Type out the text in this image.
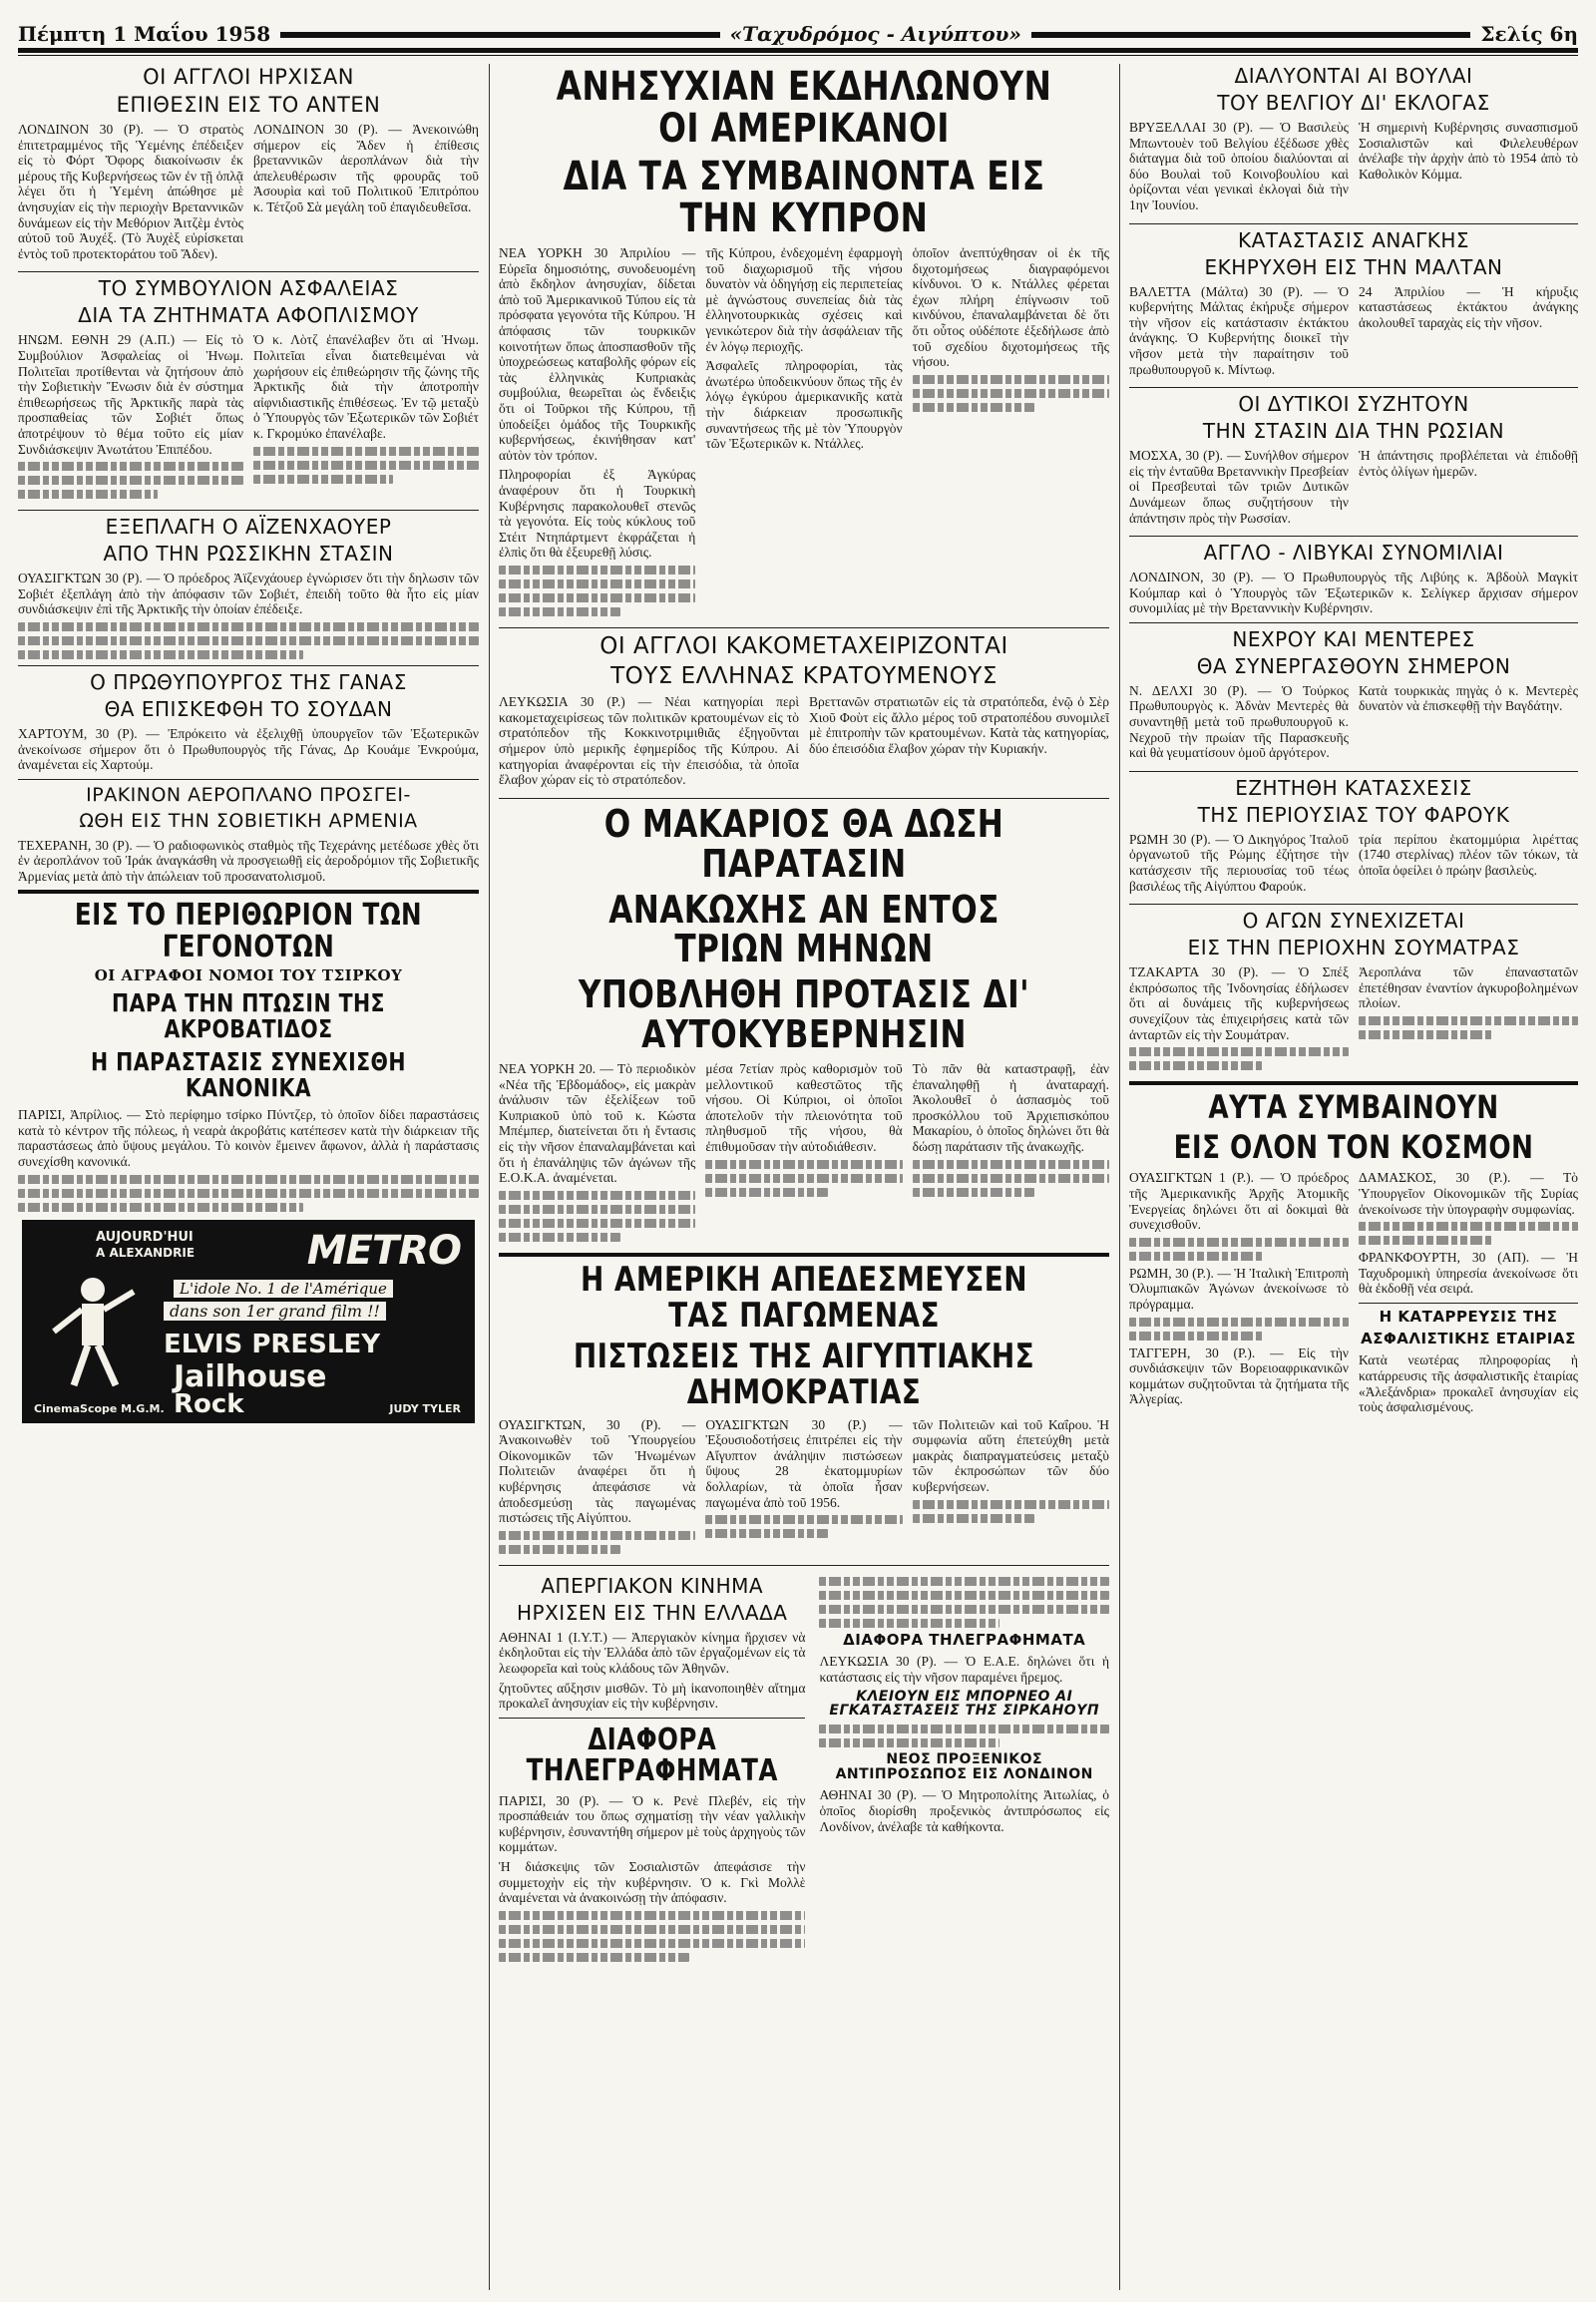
Πέμπτη 1 Μαΐου 1958	«Ταχυδρόμος - Αιγύπτου»	Σελίς 6η
ΟΙ ΑΓΓΛΟΙ ΗΡΧΙΣΑΝ
ΕΠΙΘΕΣΙΝ ΕΙΣ ΤΟ ΑΝΤΕΝ

ΛΟΝΔΙΝΟΝ 30 (Ρ). — Ὁ στρατὸς ἐπιτετραμμένος τῆς Ὑεμένης ἐπέδειξεν εἰς τὸ Φόρτ Ὄφορς διακοίνωσιν ἐκ μέρους τῆς Κυβερνήσεως τῶν ἐν τῇ ὁπλᾷ λέγει ὅτι ἡ Ὑεμένη ἀπώθησε μὲ ἀνησυχίαν εἰς τὴν περιοχὴν Βρεταννικῶν δυνάμεων εἰς τὴν Μεθόριον Ἀιτζὲμ ἐντὸς αὐτοῦ τοῦ Ἀυχέξ. (Τὸ Ἀυχὲξ εὑρίσκεται ἐντὸς τοῦ προτεκτοράτου τοῦ Ἄδεν).

ΛΟΝΔΙΝΟΝ 30 (Ρ). — Ἀνεκοινώθη σήμερον εἰς Ἄδεν ἡ ἐπίθεσις βρεταννικῶν ἀεροπλάνων διὰ τὴν ἀπελευθέρωσιν τῆς φρουρᾶς τοῦ Ἀσουρὶα καὶ τοῦ Πολιτικοῦ Ἐπιτρόπου κ. Τέτζοῦ Σὰ μεγάλη τοῦ ἐπαγιδευθεῖσα.

ΤΟ ΣΥΜΒΟΥΛΙΟΝ ΑΣΦΑΛΕΙΑΣ
ΔΙΑ ΤΑ ΖΗΤΗΜΑΤΑ ΑΦΟΠΛΙΣΜΟΥ

ΗΝΩΜ. ΕΘΝΗ 29 (Α.Π.) — Εἰς τὸ Συμβούλιον Ἀσφαλείας οἱ Ἡνωμ. Πολιτεῖαι προτίθενται νὰ ζητήσουν ἀπὸ τὴν Σοβιετικὴν Ἕνωσιν διὰ ἐν σύστημα ἐπιθεωρήσεως τῆς Ἀρκτικῆς παρὰ τὰς προσπαθείας τῶν Σοβιέτ ὅπως ἀποτρέψουν τὸ θέμα τοῦτο εἰς μίαν Συνδιάσκεψιν Ἀνωτάτου Ἐπιπέδου.

Ὁ κ. Λὸτζ ἐπανέλαβεν ὅτι αἱ Ἡνωμ. Πολιτεῖαι εἶναι διατεθειμέναι νὰ χωρήσουν εἰς ἐπιθεώρησιν τῆς ζώνης τῆς Ἀρκτικῆς διὰ τὴν ἀποτροπὴν αἰφνιδιαστικῆς ἐπιθέσεως. Ἐν τῷ μεταξὺ ὁ Ὑπουργὸς τῶν Ἐξωτερικῶν τῶν Σοβιέτ κ. Γκρομύκο ἐπανέλαβε.

ΕΞΕΠΛΑΓΗ Ο ΑΪΖΕΝΧΑΟΥΕΡ
ΑΠΟ ΤΗΝ ΡΩΣΣΙΚΗΝ ΣΤΑΣΙΝ

ΟΥΑΣΙΓΚΤΩΝ 30 (Ρ). — Ὁ πρόεδρος Ἀϊζενχάουερ ἐγνώρισεν ὅτι τὴν δηλωσιν τῶν Σοβιέτ ἐξεπλάγη ἀπὸ τὴν ἀπόφασιν τῶν Σοβιέτ, ἐπειδὴ τοῦτο θὰ ἦτο εἰς μίαν συνδιάσκεψιν ἐπὶ τῆς Ἀρκτικῆς τὴν ὁποίαν ἐπέδειξε.

Ο ΠΡΩΘΥΠΟΥΡΓΟΣ ΤΗΣ ΓΑΝΑΣ
ΘΑ ΕΠΙΣΚΕΦΘΗ ΤΟ ΣΟΥΔΑΝ

ΧΑΡΤΟΥΜ, 30 (Ρ). — Ἐπρόκειτο νὰ ἐξελιχθῇ ὑπουργεῖον τῶν Ἐξωτερικῶν ἀνεκοίνωσε σήμερον ὅτι ὁ Πρωθυπουργὸς τῆς Γάνας, Δρ Κουάμε Ἐνκρούμα, ἀναμένεται εἰς Χαρτούμ.

ΙΡΑΚΙΝΟΝ ΑΕΡΟΠΛΑΝΟ ΠΡΟΣΓΕΙ-
ΩΘΗ ΕΙΣ ΤΗΝ ΣΟΒΙΕΤΙΚΗ ΑΡΜΕΝΙΑ

ΤΕΧΕΡΑΝΗ, 30 (Ρ). — Ὁ ραδιοφωνικὸς σταθμὸς τῆς Τεχεράνης μετέδωσε χθὲς ὅτι ἐν ἀεροπλάνον τοῦ Ἰράκ ἀναγκάσθη νὰ προσγειωθῇ εἰς ἀεροδρόμιον τῆς Σοβιετικῆς Ἀρμενίας μετὰ ἀπὸ τὴν ἀπώλειαν τοῦ προσανατολισμοῦ.

ΕΙΣ ΤΟ ΠΕΡΙΘΩΡΙΟΝ ΤΩΝ ΓΕΓΟΝΟΤΩΝ
ΟΙ ΑΓΡΑΦΟΙ ΝΟΜΟΙ ΤΟΥ ΤΣΙΡΚΟΥ
ΠΑΡΑ ΤΗΝ ΠΤΩΣΙΝ ΤΗΣ ΑΚΡΟΒΑΤΙΔΟΣ
Η ΠΑΡΑΣΤΑΣΙΣ ΣΥΝΕΧΙΣΘΗ ΚΑΝΟΝΙΚΑ

ΠΑΡΙΣΙ, Ἀπρίλιος. — Στὸ περίφημο τσίρκο Πύντζερ, τὸ ὁποῖον δίδει παραστάσεις κατὰ τὸ κέντρον τῆς πόλεως, ἡ νεαρὰ ἀκροβάτις κατέπεσεν κατὰ τὴν διάρκειαν τῆς παραστάσεως ἀπὸ ὕψους μεγάλου. Τὸ κοινὸν ἔμεινεν ἄφωνον, ἀλλὰ ἡ παράστασις συνεχίσθη κανονικά.

AUJOURD'HUI
A ALEXANDRIE	METRO
L'idole No. 1 de l'Amérique
dans son 1er grand film !!
ELVIS PRESLEY
Jailhouse
Rock
CinemaScope M.G.M.	JUDY TYLER
ΑΝΗΣΥΧΙΑΝ ΕΚΔΗΛΩΝΟΥΝ ΟΙ ΑΜΕΡΙΚΑΝΟΙ
ΔΙΑ ΤΑ ΣΥΜΒΑΙΝΟΝΤΑ ΕΙΣ ΤΗΝ ΚΥΠΡΟΝ

ΝΕΑ ΥΟΡΚΗ 30 Ἀπριλίου — Εὐρεῖα δημοσιότης, συνοδευομένη ἀπὸ ἔκδηλον ἀνησυχίαν, δίδεται ἀπὸ τοῦ Ἀμερικανικοῦ Τύπου εἰς τὰ πρόσφατα γεγονότα τῆς Κύπρου. Ἡ ἀπόφασις τῶν τουρκικῶν κοινοτήτων ὅπως ἀποσπασθοῦν τῆς ὑποχρεώσεως καταβολῆς φόρων εἰς τὰς ἑλληνικὰς Κυπριακὰς συμβούλια, θεωρεῖται ὡς ἔνδειξις ὅτι οἱ Τοῦρκοι τῆς Κύπρου, τῇ ὑποδείξει ὁμάδος τῆς Τουρκικῆς κυβερνήσεως, ἐκινήθησαν κατ' αὐτὸν τὸν τρόπον.

Πληροφορίαι ἐξ Ἀγκύρας ἀναφέρουν ὅτι ἡ Τουρκικὴ Κυβέρνησις παρακολουθεῖ στενῶς τὰ γεγονότα. Εἰς τοὺς κύκλους τοῦ Στέιτ Ντηπάρτμεντ ἐκφράζεται ἡ ἐλπὶς ὅτι θὰ ἐξευρεθῇ λύσις.

τῆς Κύπρου, ἐνδεχομένη ἐφαρμογὴ τοῦ διαχωρισμοῦ τῆς νήσου δυνατὸν νὰ ὁδηγήσῃ εἰς περιπετείας μὲ ἀγνώστους συνεπείας διὰ τὰς ἑλληνοτουρκικὰς σχέσεις καὶ γενικώτερον διὰ τὴν ἀσφάλειαν τῆς ἐν λόγῳ περιοχῆς.

Ἀσφαλεῖς πληροφορίαι, τὰς ἀνωτέρω ὑποδεικνύουν ὅπως τῆς ἐν λόγῳ ἐγκύρου ἀμερικανικῆς κατὰ τὴν διάρκειαν προσωπικῆς συναντήσεως τῆς μὲ τὸν Ὑπουργὸν τῶν Ἐξωτερικῶν κ. Ντάλλες.

ὁποῖον ἀνεπτύχθησαν οἱ ἐκ τῆς διχοτομήσεως διαγραφόμενοι κίνδυνοι. Ὁ κ. Ντάλλες φέρεται ἐχων πλήρη ἐπίγνωσιν τοῦ κινδύνου, ἐπαναλαμβάνεται δὲ ὅτι ὅτι οὗτος οὐδέποτε ἐξεδήλωσε ἀπὸ τοῦ σχεδίου διχοτομήσεως τῆς νήσου.

ΟΙ ΑΓΓΛΟΙ ΚΑΚΟΜΕΤΑΧΕΙΡΙΖΟΝΤΑΙ
ΤΟΥΣ ΕΛΛΗΝΑΣ ΚΡΑΤΟΥΜΕΝΟΥΣ

ΛΕΥΚΩΣΙΑ 30 (Ρ.) — Νέαι κατηγορίαι περὶ κακομεταχειρίσεως τῶν πολιτικῶν κρατουμένων εἰς τὸ στρατόπεδον τῆς Κοκκινοτριμιθιᾶς ἐξηγοῦνται σήμερον ὑπὸ μερικῆς ἐφημερίδος τῆς Κύπρου. Αἱ κατηγορίαι ἀναφέρονται εἰς τὴν ἐπεισόδια, τὰ ὁποῖα ἔλαβον χώραν εἰς τὸ στρατόπεδον.

Βρεττανῶν στρατιωτῶν εἰς τὰ στρατόπεδα, ἐνῷ ὁ Σὲρ Χιοῦ Φοὺτ εἰς ἄλλο μέρος τοῦ στρατοπέδου συνομιλεῖ μὲ ἐπιτροπὴν τῶν κρατουμένων. Κατὰ τὰς κατηγορίας, δύο ἐπεισόδια ἔλαβον χώραν τὴν Κυριακήν.

Ο ΜΑΚΑΡΙΟΣ ΘΑ ΔΩΣΗ ΠΑΡΑΤΑΣΙΝ
ΑΝΑΚΩΧΗΣ ΑΝ ΕΝΤΟΣ ΤΡΙΩΝ ΜΗΝΩΝ
ΥΠΟΒΛΗΘΗ ΠΡΟΤΑΣΙΣ ΔΙ' ΑΥΤΟΚΥΒΕΡΝΗΣΙΝ

ΝΕΑ ΥΟΡΚΗ 20. — Τὸ περιοδικὸν «Νέα τῆς Ἑβδομάδος», εἰς μακρὰν ἀνάλυσιν τῶν ἐξελίξεων τοῦ Κυπριακοῦ ὑπὸ τοῦ κ. Κώστα Μπέμπερ, διατείνεται ὅτι ἡ ἔντασις εἰς τὴν νῆσον ἐπαναλαμβάνεται καὶ ὅτι ἡ ἐπανάληψις τῶν ἀγώνων τῆς Ε.Ο.Κ.Α. ἀναμένεται.

μέσα 7ετίαν πρὸς καθορισμὸν τοῦ μελλοντικοῦ καθεστῶτος τῆς νήσου. Οἱ Κύπριοι, οἱ ὁποῖοι ἀποτελοῦν τὴν πλειονότητα τοῦ πληθυσμοῦ τῆς νήσου, θὰ ἐπιθυμοῦσαν τὴν αὐτοδιάθεσιν.

Τὸ πᾶν θὰ καταστραφῇ, ἐὰν ἐπαναληφθῇ ἡ ἀναταραχή. Ἀκολουθεῖ ὁ ἀσπασμὸς τοῦ προσκόλλου τοῦ Ἀρχιεπισκόπου Μακαρίου, ὁ ὁποῖος δηλώνει ὅτι θὰ δώσῃ παράτασιν τῆς ἀνακωχῆς.

Η ΑΜΕΡΙΚΗ ΑΠΕΔΕΣΜΕΥΣΕΝ ΤΑΣ ΠΑΓΩΜΕΝΑΣ
ΠΙΣΤΩΣΕΙΣ ΤΗΣ ΑΙΓΥΠΤΙΑΚΗΣ ΔΗΜΟΚΡΑΤΙΑΣ

ΟΥΑΣΙΓΚΤΩΝ, 30 (Ρ). — Ἀνακοινωθὲν τοῦ Ὑπουργείου Οἰκονομικῶν τῶν Ἡνωμένων Πολιτειῶν ἀναφέρει ὅτι ἡ κυβέρνησις ἀπεφάσισε νὰ ἀποδεσμεύσῃ τὰς παγωμένας πιστώσεις τῆς Αἰγύπτου.

ΟΥΑΣΙΓΚΤΩΝ 30 (Ρ.) — Ἐξουσιοδοτήσεις ἐπιτρέπει εἰς τὴν Αἴγυπτον ἀνάληψιν πιστώσεων ὕψους 28 ἑκατομμυρίων δολλαρίων, τὰ ὁποῖα ἦσαν παγωμένα ἀπὸ τοῦ 1956.

τῶν Πολιτειῶν καὶ τοῦ Καΐρου. Ἡ συμφωνία αὕτη ἐπετεύχθη μετὰ μακρὰς διαπραγματεύσεις μεταξὺ τῶν ἐκπροσώπων τῶν δύο κυβερνήσεων.

ΑΠΕΡΓΙΑΚΟΝ ΚΙΝΗΜΑ
ΗΡΧΙΣΕΝ ΕΙΣ ΤΗΝ ΕΛΛΑΔΑ

ΑΘΗΝΑΙ 1 (Ι.Υ.Τ.) — Ἀπεργιακὸν κίνημα ἤρχισεν νὰ ἐκδηλοῦται εἰς τὴν Ἑλλάδα ἀπὸ τῶν ἐργαζομένων εἰς τὰ λεωφορεῖα καὶ τοὺς κλάδους τῶν Ἀθηνῶν.

ζητοῦντες αὔξησιν μισθῶν. Τὸ μὴ ἱκανοποιηθὲν αἴτημα προκαλεῖ ἀνησυχίαν εἰς τὴν κυβέρνησιν.

ΔΙΑΦΟΡΑ ΤΗΛΕΓΡΑΦΗΜΑΤΑ

ΠΑΡΙΣΙ, 30 (Ρ). — Ὁ κ. Ρενὲ Πλεβέν, εἰς τὴν προσπάθειάν του ὅπως σχηματίσῃ τὴν νέαν γαλλικὴν κυβέρνησιν, ἐσυναντήθη σήμερον μὲ τοὺς ἀρχηγοὺς τῶν κομμάτων.

Ἡ διάσκεψις τῶν Σοσιαλιστῶν ἀπεφάσισε τὴν συμμετοχὴν εἰς τὴν κυβέρνησιν. Ὁ κ. Γκὶ Μολλὲ ἀναμένεται νὰ ἀνακοινώσῃ τὴν ἀπόφασιν.

ΔΙΑΦΟΡΑ ΤΗΛΕΓΡΑΦΗΜΑΤΑ

ΛΕΥΚΩΣΙΑ 30 (Ρ). — Ὁ Ε.Α.Ε. δηλώνει ὅτι ἡ κατάστασις εἰς τὴν νῆσον παραμένει ἤρεμος.

ΚΛΕΙΟΥΝ ΕΙΣ ΜΠΟΡΝΕΟ ΑΙ ΕΓΚΑΤΑΣΤΑΣΕΙΣ ΤΗΣ ΣΙΡΚΑΗΟΥΠ
ΝΕΟΣ ΠΡΟΞΕΝΙΚΟΣ ΑΝΤΙΠΡΟΣΩΠΟΣ ΕΙΣ ΛΟΝΔΙΝΟΝ

ΑΘΗΝΑΙ 30 (Ρ). — Ὁ Μητροπολίτης Ἀιτωλίας, ὁ ὁποῖος διορίσθη προξενικὸς ἀντιπρόσωπος εἰς Λονδίνον, ἀνέλαβε τὰ καθήκοντα.

ΔΙΑΛΥΟΝΤΑΙ ΑΙ ΒΟΥΛΑΙ
ΤΟΥ ΒΕΛΓΙΟΥ ΔΙ' ΕΚΛΟΓΑΣ

ΒΡΥΞΕΛΛΑΙ 30 (Ρ). — Ὁ Βασιλεὺς Μπωντουὲν τοῦ Βελγίου ἐξέδωσε χθὲς διάταγμα διὰ τοῦ ὁποίου διαλύονται αἱ δύο Βουλαὶ τοῦ Κοινοβουλίου καὶ ὁρίζονται νέαι γενικαὶ ἐκλογαὶ διὰ τὴν 1ην Ἰουνίου.

Ἡ σημερινὴ Κυβέρνησις συνασπισμοῦ Σοσιαλιστῶν καὶ Φιλελευθέρων ἀνέλαβε τὴν ἀρχὴν ἀπὸ τὸ 1954 ἀπὸ τὸ Καθολικὸν Κόμμα.

ΚΑΤΑΣΤΑΣΙΣ ΑΝΑΓΚΗΣ
ΕΚΗΡΥΧΘΗ ΕΙΣ ΤΗΝ ΜΑΛΤΑΝ

ΒΑΛΕΤΤΑ (Μάλτα) 30 (Ρ). — Ὁ κυβερνήτης Μάλτας ἐκήρυξε σήμερον τὴν νῆσον εἰς κατάστασιν ἐκτάκτου ἀνάγκης. Ὁ Κυβερνήτης διοικεῖ τὴν νῆσον μετὰ τὴν παραίτησιν τοῦ πρωθυπουργοῦ κ. Μίντωφ.

24 Ἀπριλίου — Ἡ κήρυξις καταστάσεως ἐκτάκτου ἀνάγκης ἀκολουθεῖ ταραχὰς εἰς τὴν νῆσον.

ΟΙ ΔΥΤΙΚΟΙ ΣΥΖΗΤΟΥΝ
ΤΗΝ ΣΤΑΣΙΝ ΔΙΑ ΤΗΝ ΡΩΣΙΑΝ

ΜΟΣΧΑ, 30 (Ρ). — Συνήλθον σήμερον εἰς τὴν ἐνταῦθα Βρεταννικὴν Πρεσβείαν οἱ Πρεσβευταὶ τῶν τριῶν Δυτικῶν Δυνάμεων ὅπως συζητήσουν τὴν ἀπάντησιν πρὸς τὴν Ρωσσίαν.

Ἡ ἀπάντησις προβλέπεται νὰ ἐπιδοθῇ ἐντὸς ὀλίγων ἡμερῶν.

ΑΓΓΛΟ - ΛΙΒΥΚΑΙ ΣΥΝΟΜΙΛΙΑΙ

ΛΟΝΔΙΝΟΝ, 30 (Ρ). — Ὁ Πρωθυπουργὸς τῆς Λιβύης κ. Ἀβδοὺλ Μαγκὶτ Κούμπαρ καὶ ὁ Ὑπουργὸς τῶν Ἐξωτερικῶν κ. Σελίγκερ ἄρχισαν σήμερον συνομιλίας μὲ τὴν Βρεταννικὴν Κυβέρνησιν.

ΝΕΧΡΟΥ ΚΑΙ ΜΕΝΤΕΡΕΣ
ΘΑ ΣΥΝΕΡΓΑΣΘΟΥΝ ΣΗΜΕΡΟΝ

Ν. ΔΕΛΧΙ 30 (Ρ). — Ὁ Τούρκος Πρωθυπουργὸς κ. Ἀδνὰν Μεντερὲς θὰ συναντηθῇ μετὰ τοῦ πρωθυπουργοῦ κ. Νεχροῦ τὴν πρωίαν τῆς Παρασκευῆς καὶ θὰ γευματίσουν ὁμοῦ ἀργότερον.

Κατὰ τουρκικὰς πηγὰς ὁ κ. Μεντερὲς δυνατὸν νὰ ἐπισκεφθῇ τὴν Βαγδάτην.

ΕΖΗΤΗΘΗ ΚΑΤΑΣΧΕΣΙΣ
ΤΗΣ ΠΕΡΙΟΥΣΙΑΣ ΤΟΥ ΦΑΡΟΥΚ

ΡΩΜΗ 30 (Ρ). — Ὁ Δικηγόρος Ἰταλοῦ ὀργανωτοῦ τῆς Ρώμης ἐζήτησε τὴν κατάσχεσιν τῆς περιουσίας τοῦ τέως βασιλέως τῆς Αἰγύπτου Φαρούκ.

τρία περίπου ἑκατομμύρια λιρέττας (1740 στερλίνας) πλέον τῶν τόκων, τὰ ὁποῖα ὀφείλει ὁ πρώην βασιλεὺς.

Ο ΑΓΩΝ ΣΥΝΕΧΙΖΕΤΑΙ
ΕΙΣ ΤΗΝ ΠΕΡΙΟΧΗΝ ΣΟΥΜΑΤΡΑΣ

ΤΖΑΚΑΡΤΑ 30 (Ρ). — Ὁ Σπέξ ἐκπρόσωπος τῆς Ἰνδονησίας ἐδήλωσεν ὅτι αἱ δυνάμεις τῆς κυβερνήσεως συνεχίζουν τὰς ἐπιχειρήσεις κατὰ τῶν ἀνταρτῶν εἰς τὴν Σουμάτραν.

Ἀεροπλάνα τῶν ἐπαναστατῶν ἐπετέθησαν ἐναντίον ἀγκυροβολημένων πλοίων.

ΑΥΤΑ ΣΥΜΒΑΙΝΟΥΝ
ΕΙΣ ΟΛΟΝ ΤΟΝ ΚΟΣΜΟΝ

ΟΥΑΣΙΓΚΤΩΝ 1 (Ρ.). — Ὁ πρόεδρος τῆς Ἀμερικανικῆς Ἀρχῆς Ἀτομικῆς Ἐνεργείας δηλώνει ὅτι αἱ δοκιμαὶ θὰ συνεχισθοῦν.

ΡΩΜΗ, 30 (Ρ.). — Ἡ Ἰταλικὴ Ἐπιτροπὴ Ὀλυμπιακῶν Ἀγώνων ἀνεκοίνωσε τὸ πρόγραμμα.

ΤΑΓΓΕΡΗ, 30 (Ρ.). — Εἰς τὴν συνδιάσκεψιν τῶν Βορειοαφρικανικῶν κομμάτων συζητοῦνται τὰ ζητήματα τῆς Ἀλγερίας.

ΔΑΜΑΣΚΟΣ, 30 (Ρ.). — Τὸ Ὑπουργεῖον Οἰκονομικῶν τῆς Συρίας ἀνεκοίνωσε τὴν ὑπογραφὴν συμφωνίας.

ΦΡΑΝΚΦΟΥΡΤΗ, 30 (ΑΠ). — Ἡ Ταχυδρομικὴ ὑπηρεσία ἀνεκοίνωσε ὅτι θὰ ἐκδοθῇ νέα σειρά.

Η ΚΑΤΑΡΡΕΥΣΙΣ ΤΗΣ
ΑΣΦΑΛΙΣΤΙΚΗΣ ΕΤΑΙΡΙΑΣ

Κατὰ νεωτέρας πληροφορίας ἡ κατάρρευσις τῆς ἀσφαλιστικῆς ἑταιρίας «Ἀλεξάνδρια» προκαλεῖ ἀνησυχίαν εἰς τοὺς ἀσφαλισμένους.
